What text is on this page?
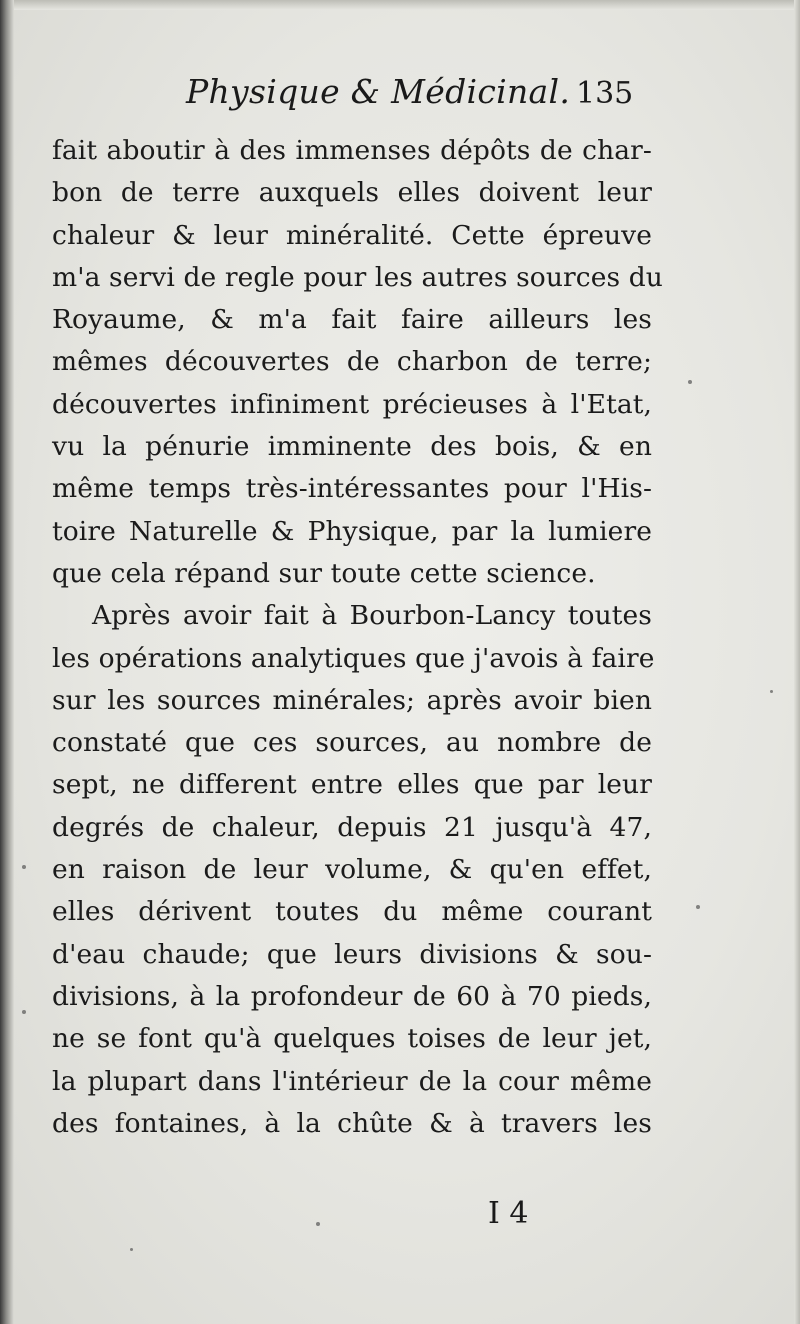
Physique & Médicinal. 135
fait aboutir à des immenses dépôts de char-
bon de terre auxquels elles doivent leur
chaleur & leur minéralité. Cette épreuve
m'a servi de regle pour les autres sources du
Royaume, & m'a fait faire ailleurs les
mêmes découvertes de charbon de terre;
découvertes infiniment précieuses à l'Etat,
vu la pénurie imminente des bois, & en
même temps très-intéressantes pour l'His-
toire Naturelle & Physique, par la lumiere
que cela répand sur toute cette science.
Après avoir fait à Bourbon-Lancy toutes
les opérations analytiques que j'avois à faire
sur les sources minérales; après avoir bien
constaté que ces sources, au nombre de
sept, ne different entre elles que par leur
degrés de chaleur, depuis 21 jusqu'à 47,
en raison de leur volume, & qu'en effet,
elles dérivent toutes du même courant
d'eau chaude; que leurs divisions & sou-
divisions, à la profondeur de 60 à 70 pieds,
ne se font qu'à quelques toises de leur jet,
la plupart dans l'intérieur de la cour même
des fontaines, à la chûte & à travers les
I 4
